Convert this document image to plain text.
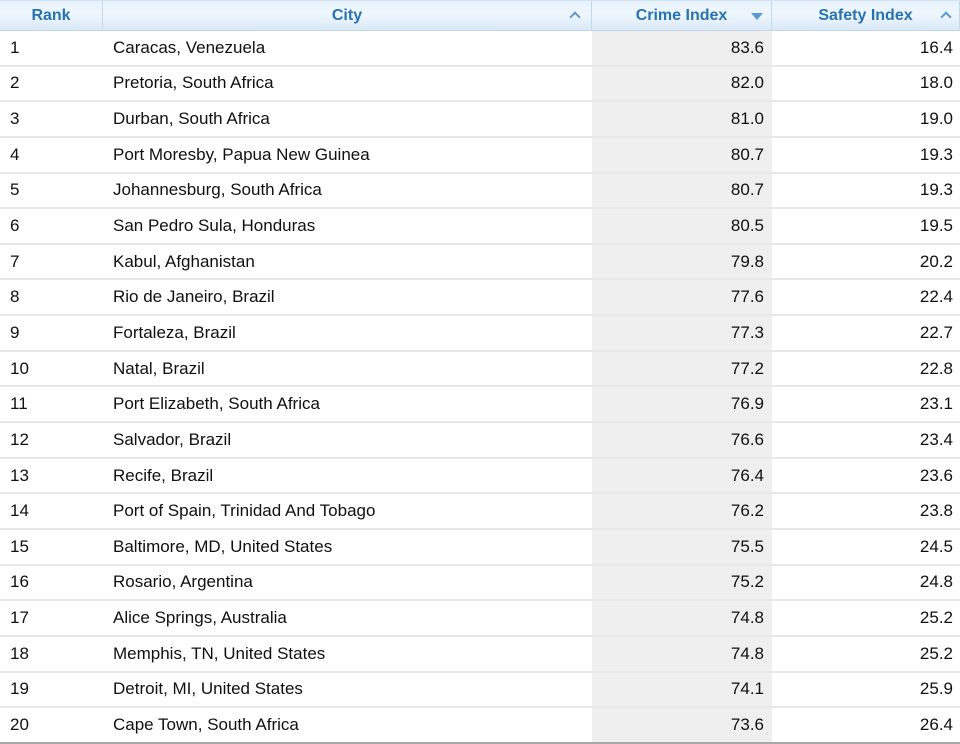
Rank	City	Crime Index	Safety Index
1	Caracas, Venezuela	83.6	16.4
2	Pretoria, South Africa	82.0	18.0
3	Durban, South Africa	81.0	19.0
4	Port Moresby, Papua New Guinea	80.7	19.3
5	Johannesburg, South Africa	80.7	19.3
6	San Pedro Sula, Honduras	80.5	19.5
7	Kabul, Afghanistan	79.8	20.2
8	Rio de Janeiro, Brazil	77.6	22.4
9	Fortaleza, Brazil	77.3	22.7
10	Natal, Brazil	77.2	22.8
11	Port Elizabeth, South Africa	76.9	23.1
12	Salvador, Brazil	76.6	23.4
13	Recife, Brazil	76.4	23.6
14	Port of Spain, Trinidad And Tobago	76.2	23.8
15	Baltimore, MD, United States	75.5	24.5
16	Rosario, Argentina	75.2	24.8
17	Alice Springs, Australia	74.8	25.2
18	Memphis, TN, United States	74.8	25.2
19	Detroit, MI, United States	74.1	25.9
20	Cape Town, South Africa	73.6	26.4
